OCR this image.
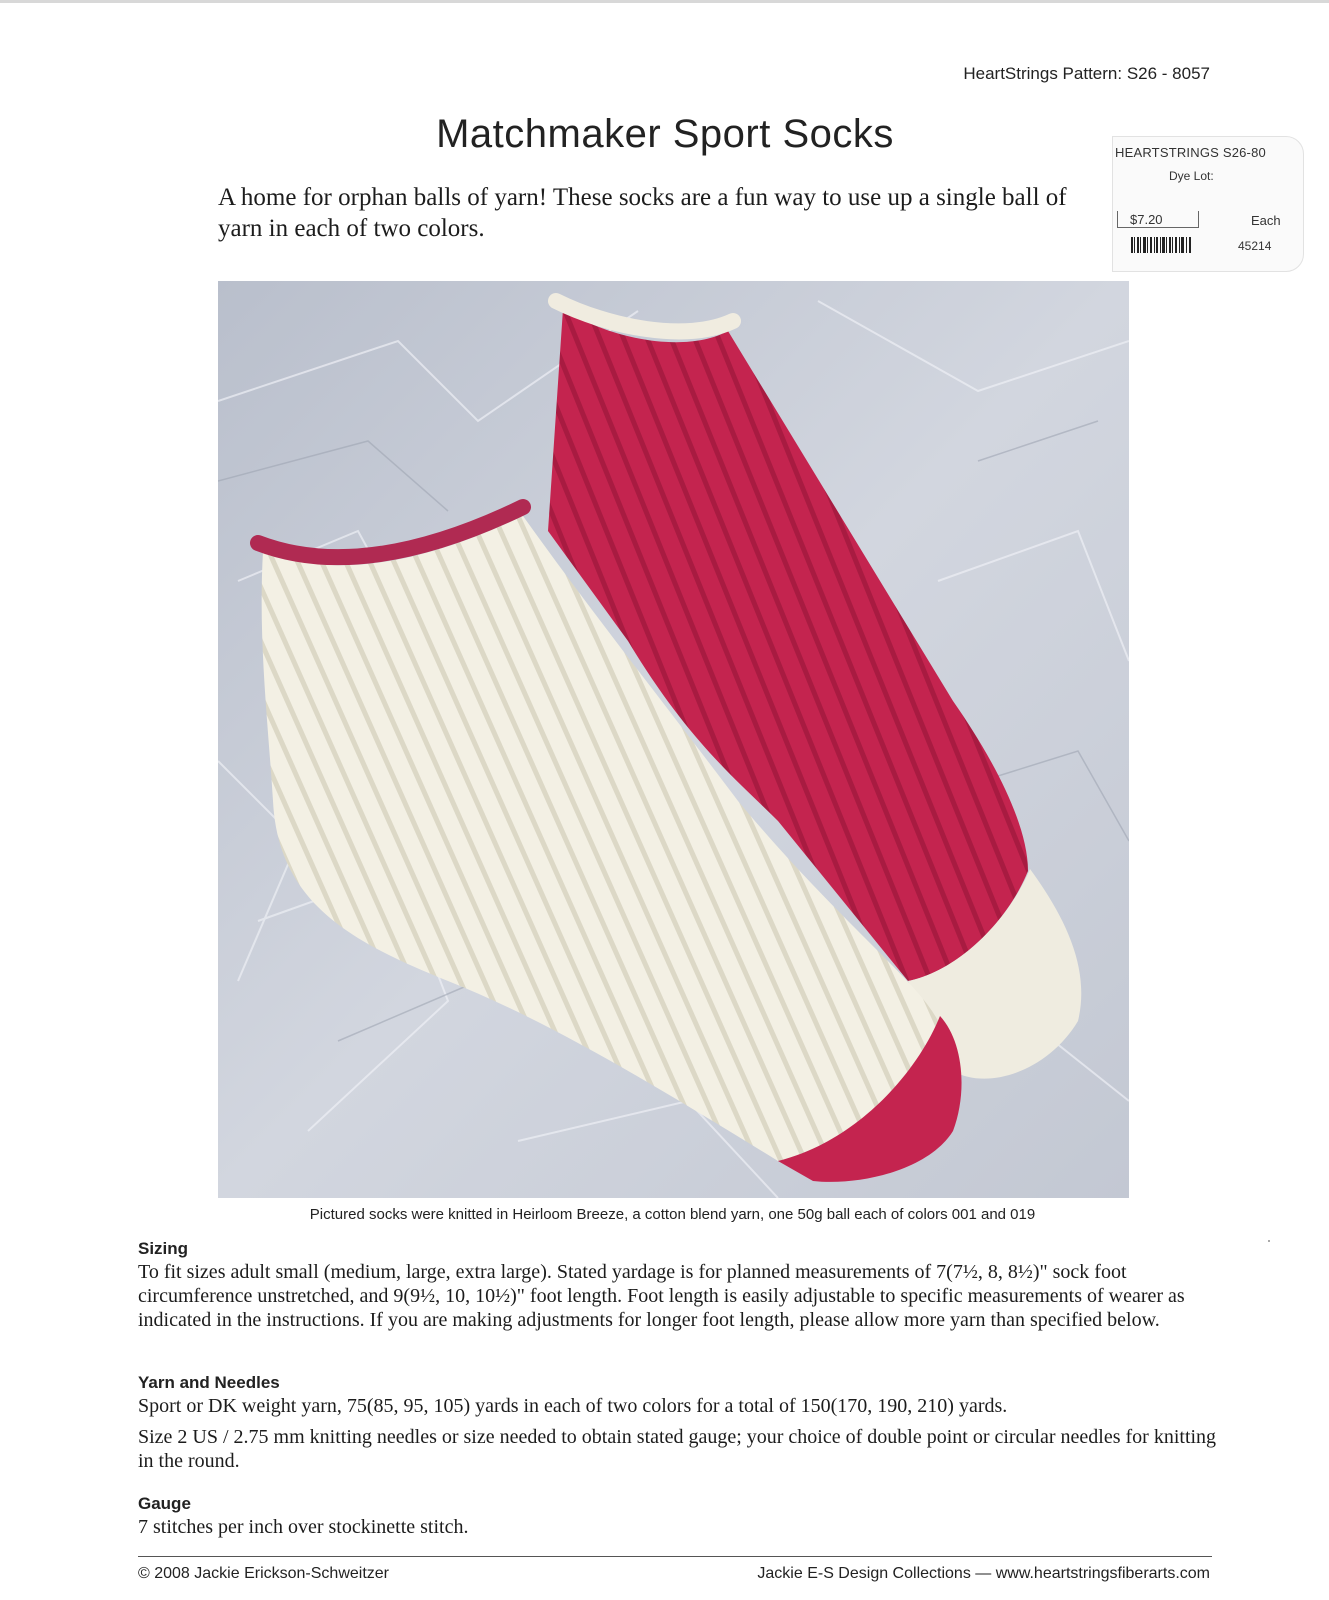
HeartStrings Pattern: S26 - 8057
Matchmaker Sport Socks
A home for orphan balls of yarn! These socks are a fun way to use up a single ball of yarn in each of two colors.
HEARTSTRINGS S26-80
Dye Lot:
$7.20	Each
45214
Pictured socks were knitted in Heirloom Breeze, a cotton blend yarn, one 50g ball each of colors 001 and 019
Sizing

To fit sizes adult small (medium, large, extra large). Stated yardage is for planned measurements of 7(7½, 8, 8½)" sock foot circumference unstretched, and 9(9½, 10, 10½)" foot length. Foot length is easily adjustable to specific measurements of wearer as indicated in the instructions. If you are making adjustments for longer foot length, please allow more yarn than specified below.

Yarn and Needles

Sport or DK weight yarn, 75(85, 95, 105) yards in each of two colors for a total of 150(170, 190, 210) yards.

Size 2 US / 2.75 mm knitting needles or size needed to obtain stated gauge; your choice of double point or circular needles for knitting in the round.

Gauge

7 stitches per inch over stockinette stitch.

© 2008 Jackie Erickson-Schweitzer	Jackie E-S Design Collections — www.heartstringsfiberarts.com
